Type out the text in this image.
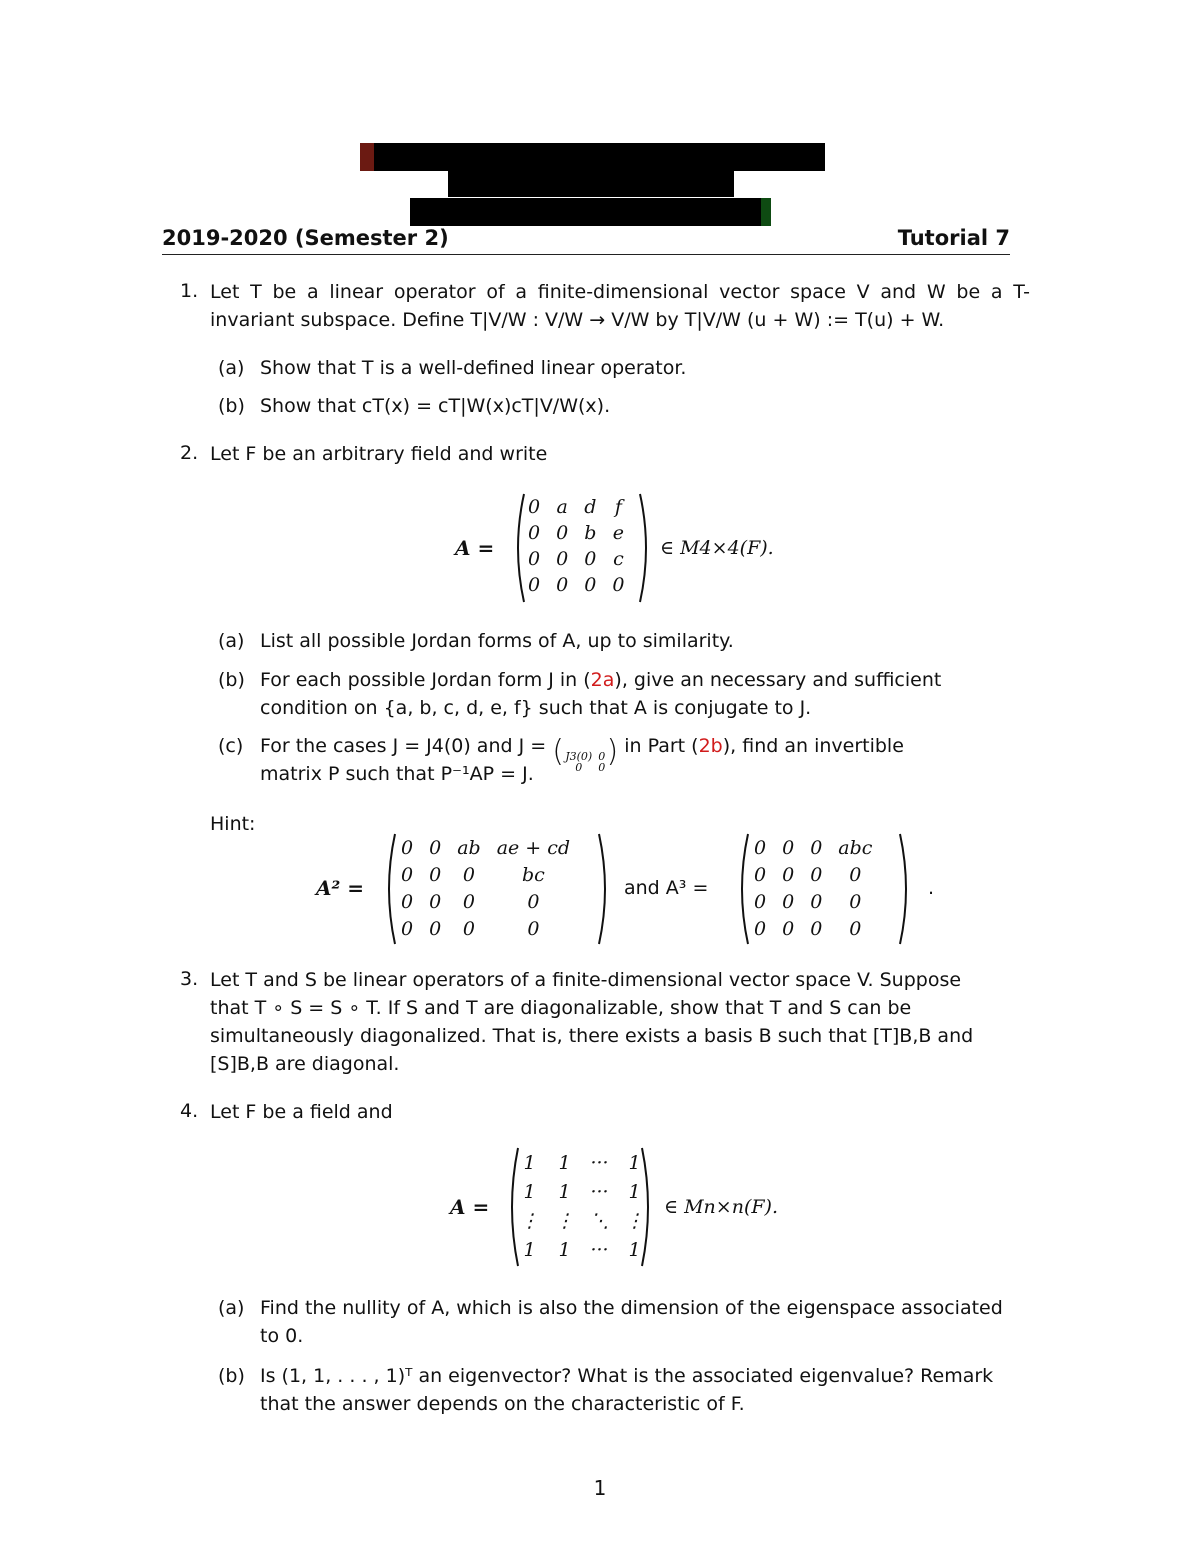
2019-2020 (Semester 2)	Tutorial 7
1. Let T be a linear operator of a finite-dimensional vector space V and W be a T-
invariant subspace. Define T|V/W : V/W → V/W by T|V/W (u + W) := T(u) + W.
(a) Show that T is a well-defined linear operator.
(b) Show that cT(x) = cT|W(x)cT|V/W(x).
2. Let F be an arbitrary field and write
A =
0	a	d	f
0	0	b	e
0	0	0	c
0	0	0	0
∈ M4×4(F).
(a) List all possible Jordan forms of A, up to similarity.
(b) For each possible Jordan form J in (2a), give an necessary and sufficient
condition on {a, b, c, d, e, f} such that A is conjugate to J.
(c) For the cases J = J4(0) and J = ( J3(0)	0
0	0 ) in Part (2b), find an invertible
matrix P such that P⁻¹AP = J.
Hint:
A² =
0	0	ab	ae + cd
0	0	0	bc
0	0	0	0
0	0	0	0
and A³ =
0	0	0	abc
0	0	0	0
0	0	0	0
0	0	0	0
.
3. Let T and S be linear operators of a finite-dimensional vector space V. Suppose
that T ∘ S = S ∘ T. If S and T are diagonalizable, show that T and S can be
simultaneously diagonalized. That is, there exists a basis B such that [T]B,B and
[S]B,B are diagonal.
4. Let F be a field and
A =
1	1	···	1
1	1	···	1
⋮	⋮	⋱	⋮
1	1	···	1
∈ Mn×n(F).
(a) Find the nullity of A, which is also the dimension of the eigenspace associated
to 0.
(b) Is (1, 1, . . . , 1)ᵀ an eigenvector? What is the associated eigenvalue? Remark
that the answer depends on the characteristic of F.
1
